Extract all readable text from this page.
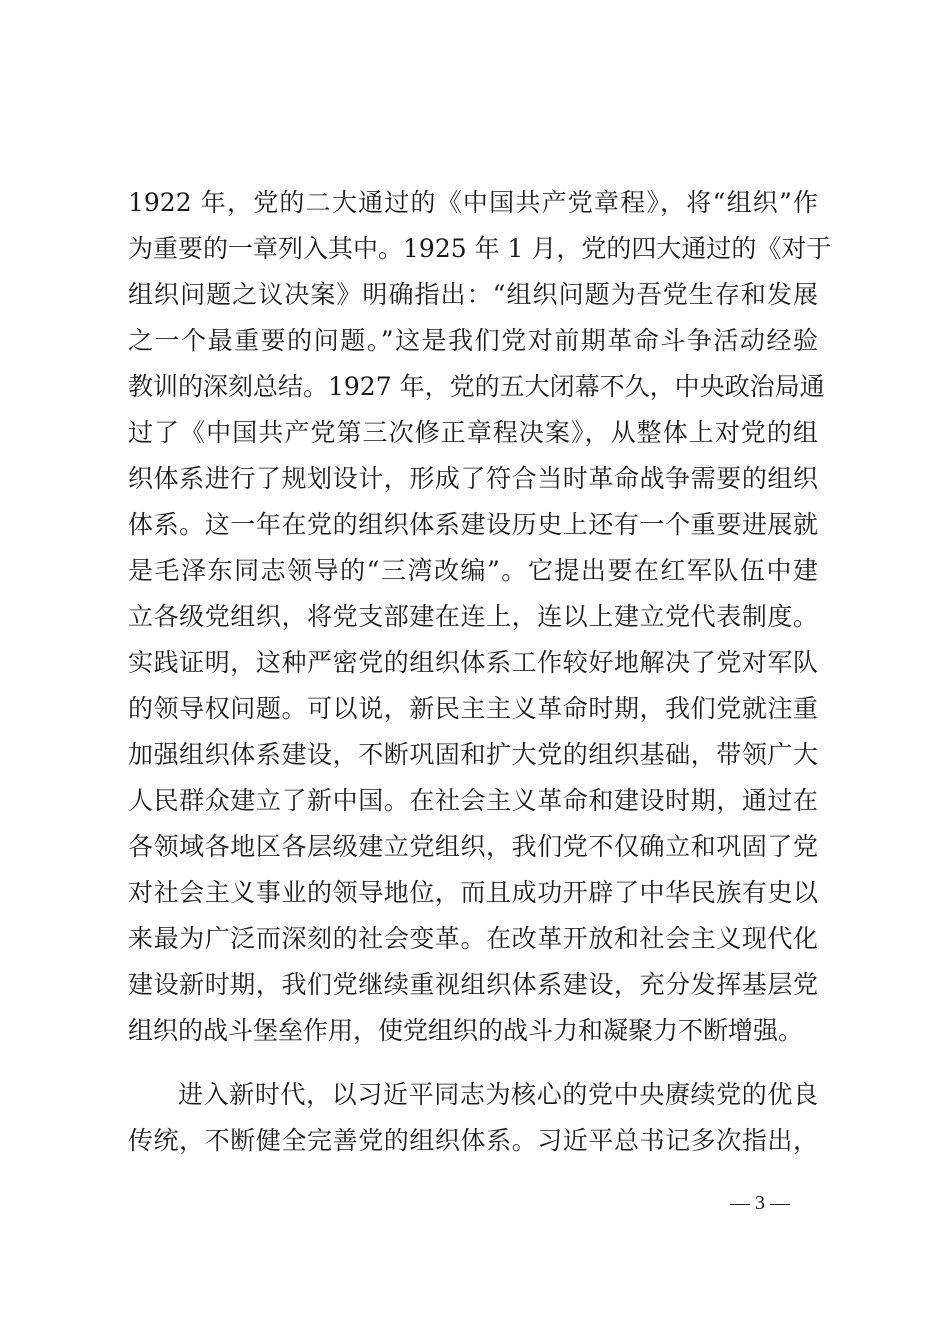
1922 年，党的二大通过的《中国共产党章程》，将“组织”作
为重要的一章列入其中。1925 年 1 月，党的四大通过的《对于
组织问题之议决案》明确指出：“组织问题为吾党生存和发展
之一个最重要的问题。”这是我们党对前期革命斗争活动经验
教训的深刻总结。1927 年，党的五大闭幕不久，中央政治局通
过了《中国共产党第三次修正章程决案》，从整体上对党的组
织体系进行了规划设计，形成了符合当时革命战争需要的组织
体系。这一年在党的组织体系建设历史上还有一个重要进展就
是毛泽东同志领导的“三湾改编”。它提出要在红军队伍中建
立各级党组织，将党支部建在连上，连以上建立党代表制度。
实践证明，这种严密党的组织体系工作较好地解决了党对军队
的领导权问题。可以说，新民主主义革命时期，我们党就注重
加强组织体系建设，不断巩固和扩大党的组织基础，带领广大
人民群众建立了新中国。在社会主义革命和建设时期，通过在
各领域各地区各层级建立党组织，我们党不仅确立和巩固了党
对社会主义事业的领导地位，而且成功开辟了中华民族有史以
来最为广泛而深刻的社会变革。在改革开放和社会主义现代化
建设新时期，我们党继续重视组织体系建设，充分发挥基层党
组织的战斗堡垒作用，使党组织的战斗力和凝聚力不断增强。
进入新时代，以习近平同志为核心的党中央赓续党的优良
传统，不断健全完善党的组织体系。习近平总书记多次指出，
— 3 —
